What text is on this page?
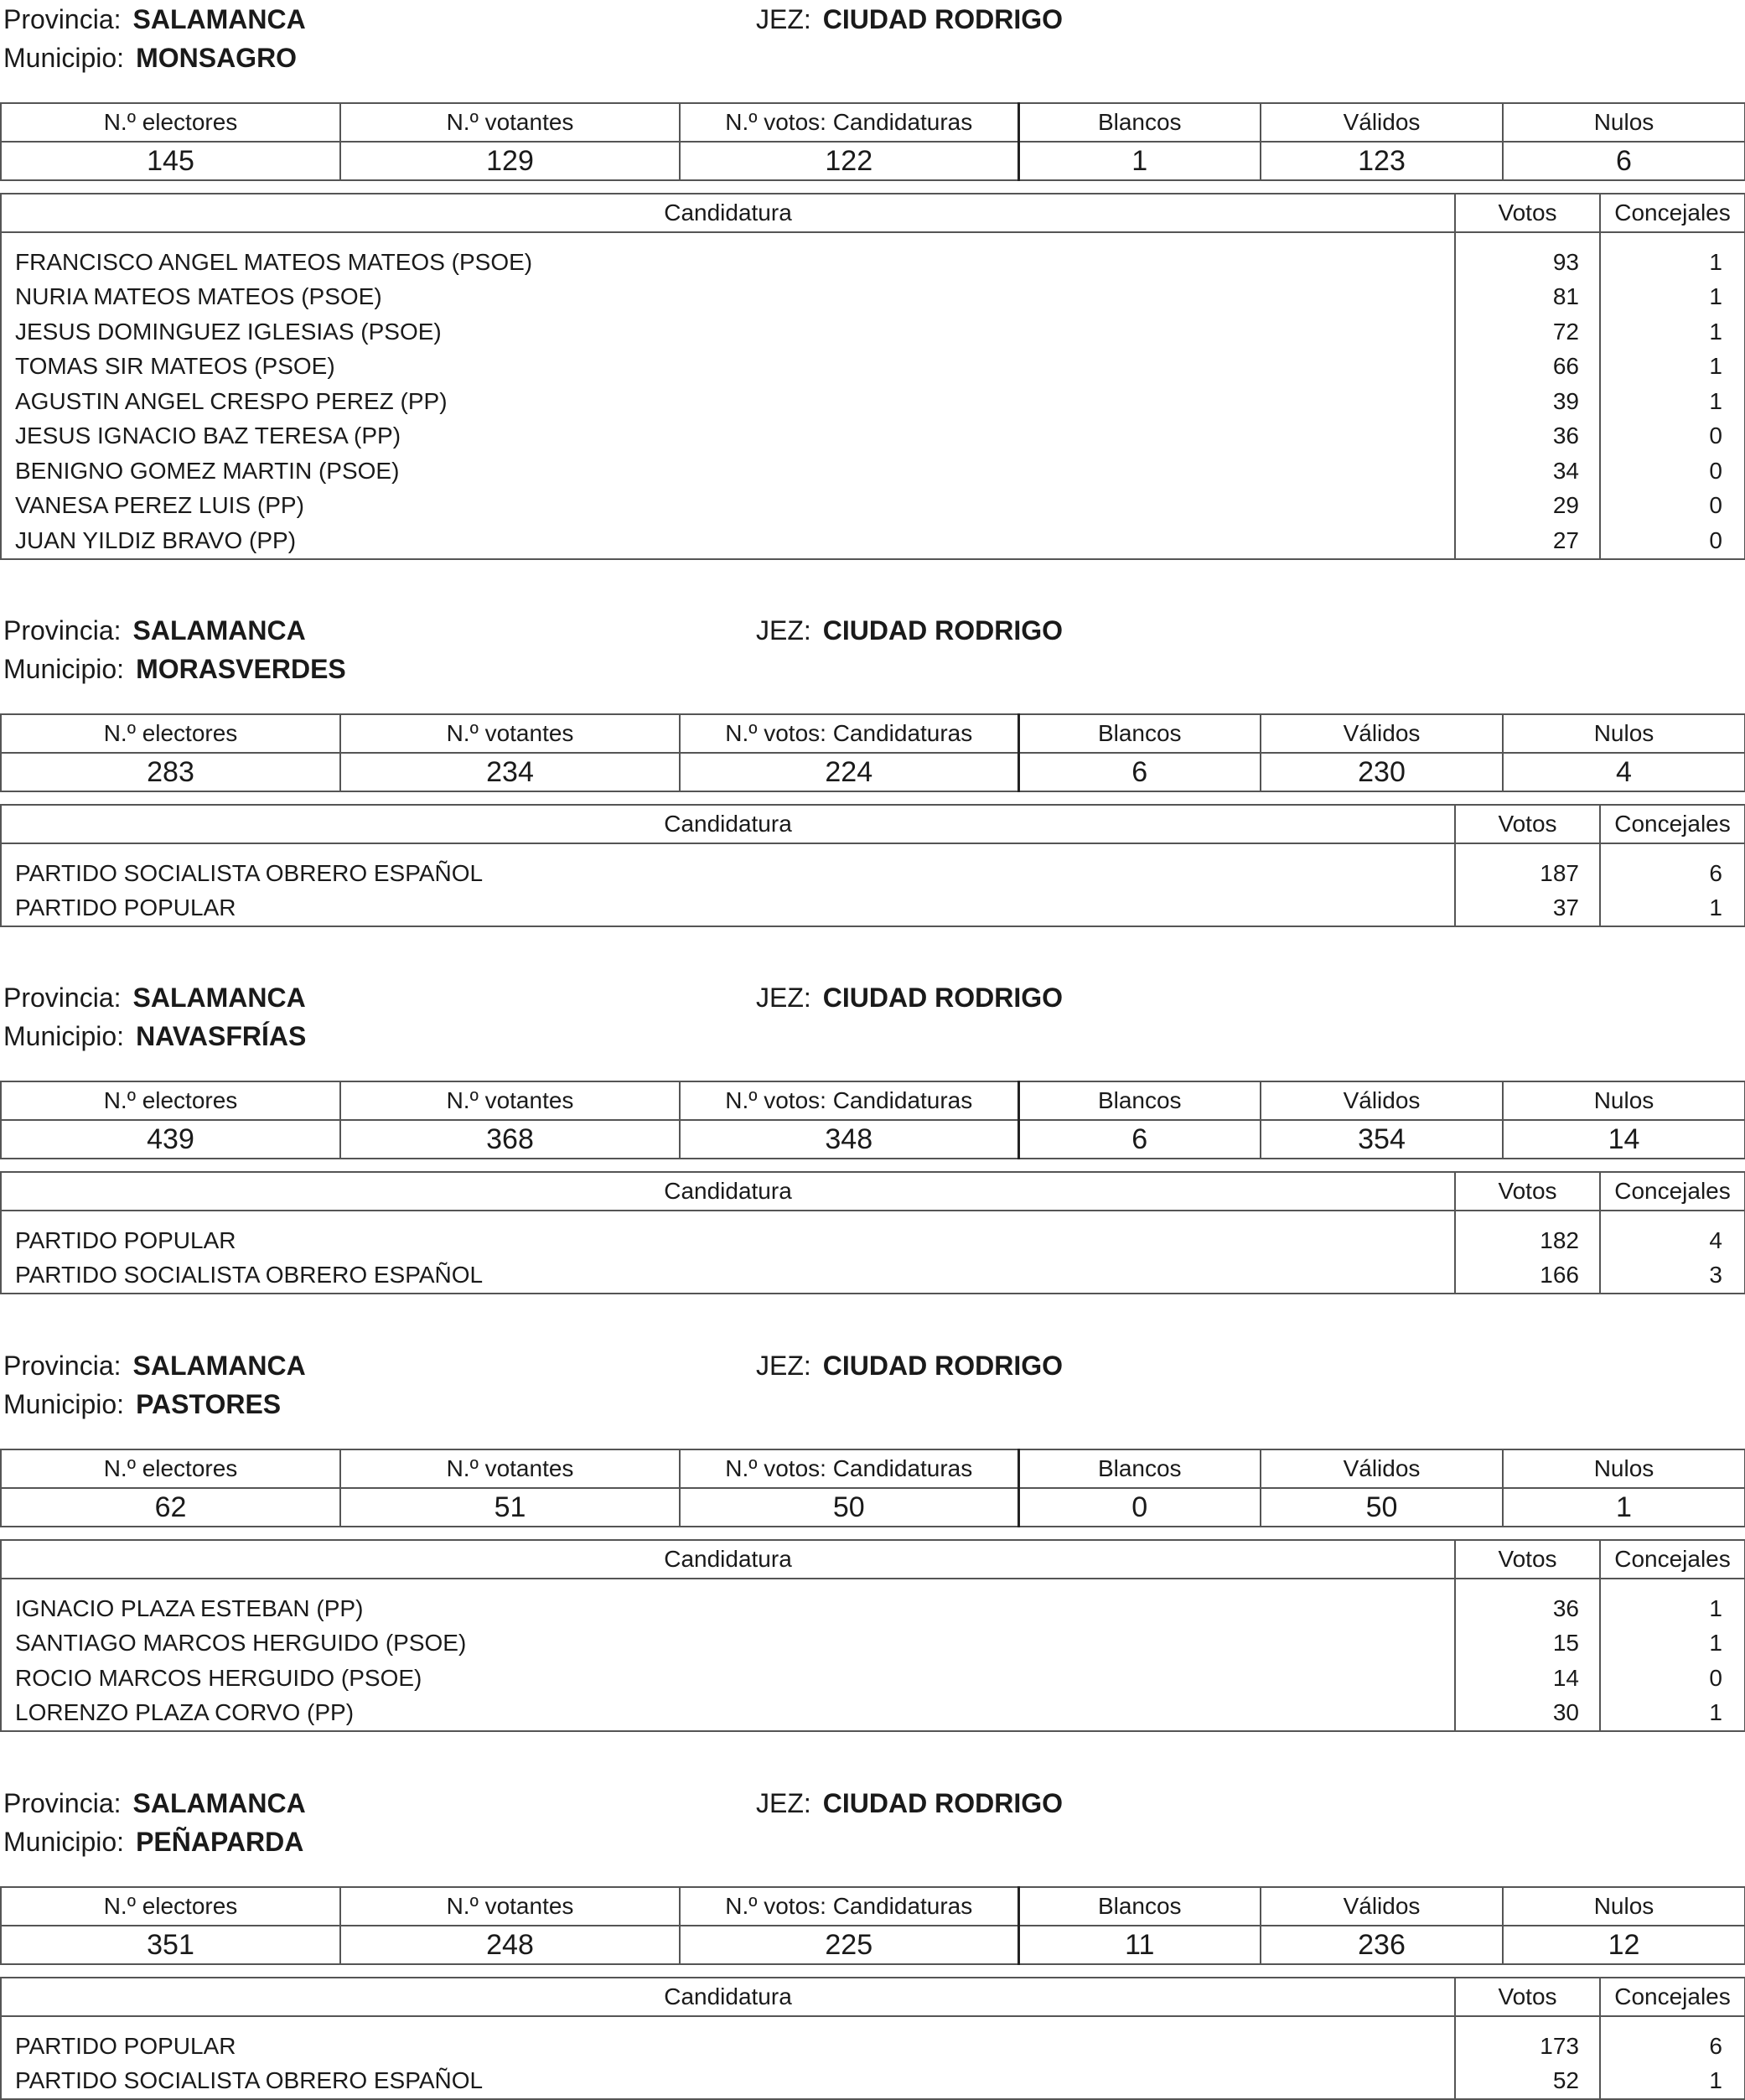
Provincia: SALAMANCA	JEZ: CIUDAD RODRIGO
Municipio: MONSAGRO
N.º electores	N.º votantes	N.º votos: Candidaturas	Blancos	Válidos	Nulos
145	129	122	1	123	6
Candidatura	Votos	Concejales
FRANCISCO ANGEL MATEOS MATEOS (PSOE)	93	1
NURIA MATEOS MATEOS (PSOE)	81	1
JESUS DOMINGUEZ IGLESIAS (PSOE)	72	1
TOMAS SIR MATEOS (PSOE)	66	1
AGUSTIN ANGEL CRESPO PEREZ (PP)	39	1
JESUS IGNACIO BAZ TERESA (PP)	36	0
BENIGNO GOMEZ MARTIN (PSOE)	34	0
VANESA PEREZ LUIS (PP)	29	0
JUAN YILDIZ BRAVO (PP)	27	0
Provincia: SALAMANCA	JEZ: CIUDAD RODRIGO
Municipio: MORASVERDES
N.º electores	N.º votantes	N.º votos: Candidaturas	Blancos	Válidos	Nulos
283	234	224	6	230	4
Candidatura	Votos	Concejales
PARTIDO SOCIALISTA OBRERO ESPAÑOL	187	6
PARTIDO POPULAR	37	1
Provincia: SALAMANCA	JEZ: CIUDAD RODRIGO
Municipio: NAVASFRÍAS
N.º electores	N.º votantes	N.º votos: Candidaturas	Blancos	Válidos	Nulos
439	368	348	6	354	14
Candidatura	Votos	Concejales
PARTIDO POPULAR	182	4
PARTIDO SOCIALISTA OBRERO ESPAÑOL	166	3
Provincia: SALAMANCA	JEZ: CIUDAD RODRIGO
Municipio: PASTORES
N.º electores	N.º votantes	N.º votos: Candidaturas	Blancos	Válidos	Nulos
62	51	50	0	50	1
Candidatura	Votos	Concejales
IGNACIO PLAZA ESTEBAN (PP)	36	1
SANTIAGO MARCOS HERGUIDO (PSOE)	15	1
ROCIO MARCOS HERGUIDO (PSOE)	14	0
LORENZO PLAZA CORVO (PP)	30	1
Provincia: SALAMANCA	JEZ: CIUDAD RODRIGO
Municipio: PEÑAPARDA
N.º electores	N.º votantes	N.º votos: Candidaturas	Blancos	Válidos	Nulos
351	248	225	11	236	12
Candidatura	Votos	Concejales
PARTIDO POPULAR	173	6
PARTIDO SOCIALISTA OBRERO ESPAÑOL	52	1
